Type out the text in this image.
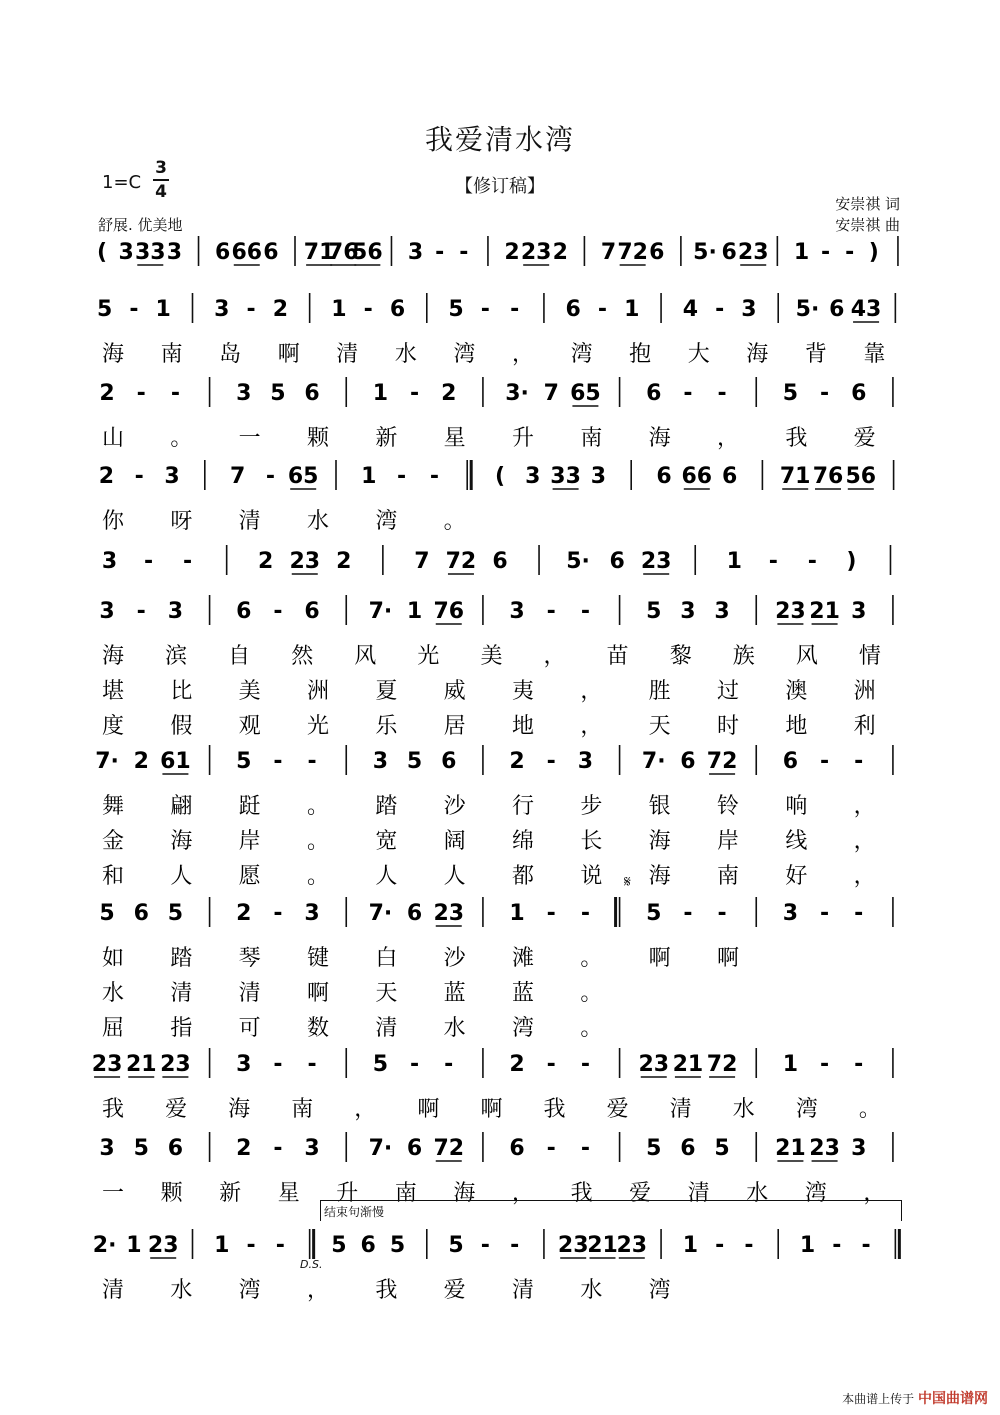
我爱清水湾
1=C
3
4	【修订稿】
安崇祺 词
安崇祺 曲
舒展. 优美地
( 3 33 3 6 66 6 71
76
56 3 - - 2 23 2 7 72 6 5· 6 23 1 - - )
5 - 1 3 - 2 1 - 6 5 - - 6 - 1 4 - 3 5· 6 43
海 南 岛 啊 清 水 湾 ， 湾 抱 大 海 背 靠
2 - -	3 5 6 1 - 2 3· 7 65 6 - -	5 - 6
山 。 一 颗 新 星 升 南 海 ， 我 爱
2 - 3 7 - 65 1 - -	( 3 33 3 6 66 6 71 76 56
你 呀 清 水 湾 。
3 - -	2 23 2	7 72 6	5· 6 23	1 - - )
3 - 3 6 - 6 7· 1 76 3 - -	5 3 3 23 21 3
海 滨 自 然 风 光 美 ， 苗 黎 族 风 情
堪 比 美 洲 夏 威 夷 ， 胜 过 澳 洲
度 假 观 光 乐 居 地 ， 天 时 地 利
7· 2 61 5 - -	3 5 6 2 - 3 7· 6 72 6 - -
舞 翩 跹 。 踏 沙 行 步 银 铃 响 ，
金 海 岸 。 宽 阔 绵 长 海 岸 线 ，
和 人 愿 。 人 人 都 说 海 南 好 ，
5 6 5 2 - 3 7· 6 23 1 - -	5 - -	3 - -
如 踏 琴 键 白 沙 滩 。 啊 啊
水 清 清 啊 天 蓝 蓝 。
屈 指 可 数 清 水 湾 。
23 21 23 3 - -	5 - -	2 - - 23 21 72 1 - -
我 爱 海 南 ， 啊 啊 我 爱 清 水 湾 。
3 5 6 2 - 3 7· 6 72 6 - -	5 6 5 21 23 3
一 颗 新 星 升 南 海 ， 我 爱 清 水 湾 ，
2· 1 23 1 - - 5 6 5 5 - - 23
21
23 1 - - 1 - -
清 水 湾 ， 我 爱 清 水 湾
结束句渐慢
D.S.
𝄋
本曲谱上传于 中国曲谱网
